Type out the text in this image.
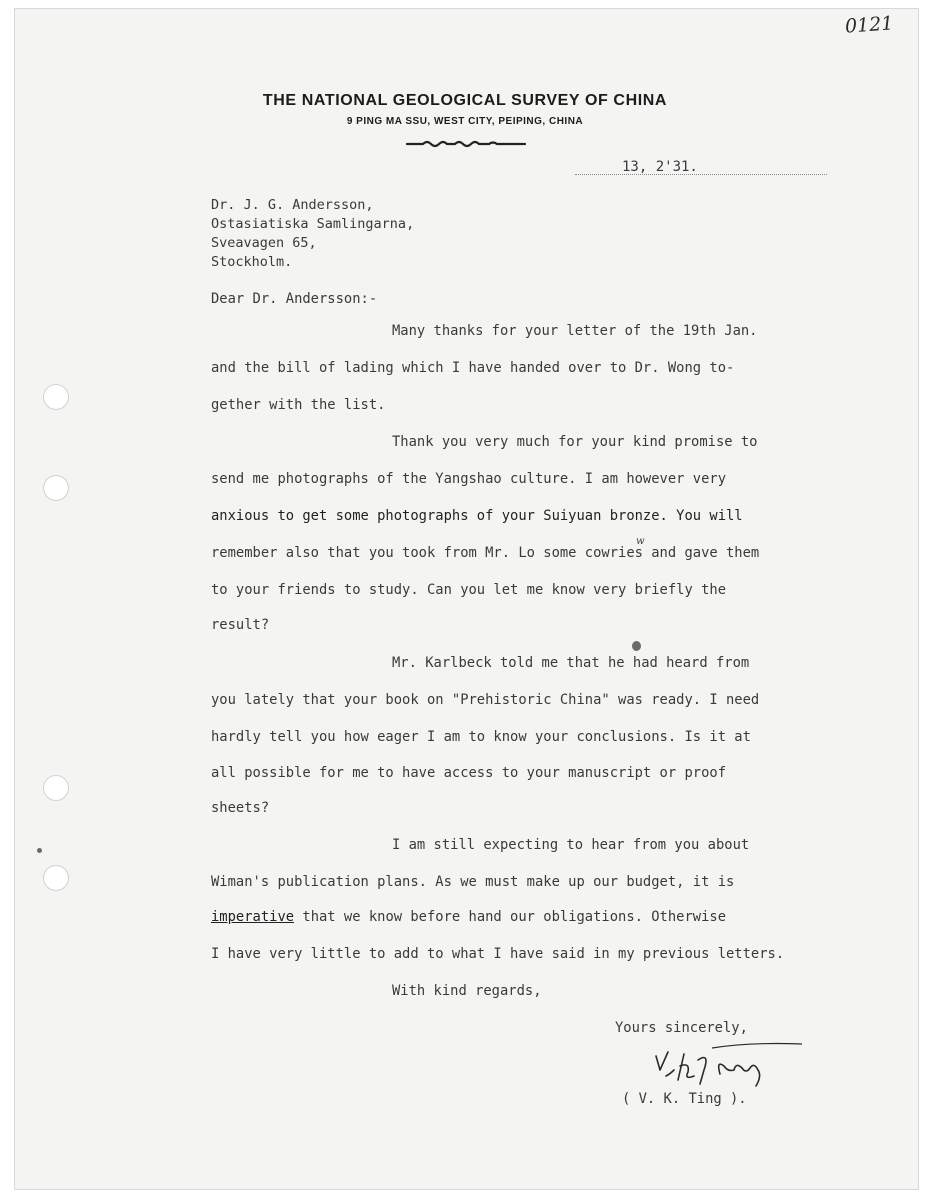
0121
THE NATIONAL GEOLOGICAL SURVEY OF CHINA
9 PING MA SSU, WEST CITY, PEIPING, CHINA
13, 2'31.
Dr. J. G. Andersson,
Ostasiatiska Samlingarna,
Sveavagen 65,
Stockholm.
Dear Dr. Andersson:-
Many thanks for your letter of the 19th Jan.
and the bill of lading which I have handed over to Dr. Wong to-
gether with the list.
Thank you very much for your kind promise to
send me photographs of the Yangshao culture. I am however very
anxious to get some photographs of your Suiyuan bronze. You will
w
remember also that you took from Mr. Lo some cowries and gave them
to your friends to study. Can you let me know very briefly the
result?
Mr. Karlbeck told me that he had heard from
you lately that your book on "Prehistoric China" was ready. I need
hardly tell you how eager I am to know your conclusions. Is it at
all possible for me to have access to your manuscript or proof
sheets?
I am still expecting to hear from you about
Wiman's publication plans. As we must make up our budget, it is
imperative that we know before hand our obligations. Otherwise
I have very little to add to what I have said in my previous letters.
With kind regards,
Yours sincerely,
( V. K. Ting ).
